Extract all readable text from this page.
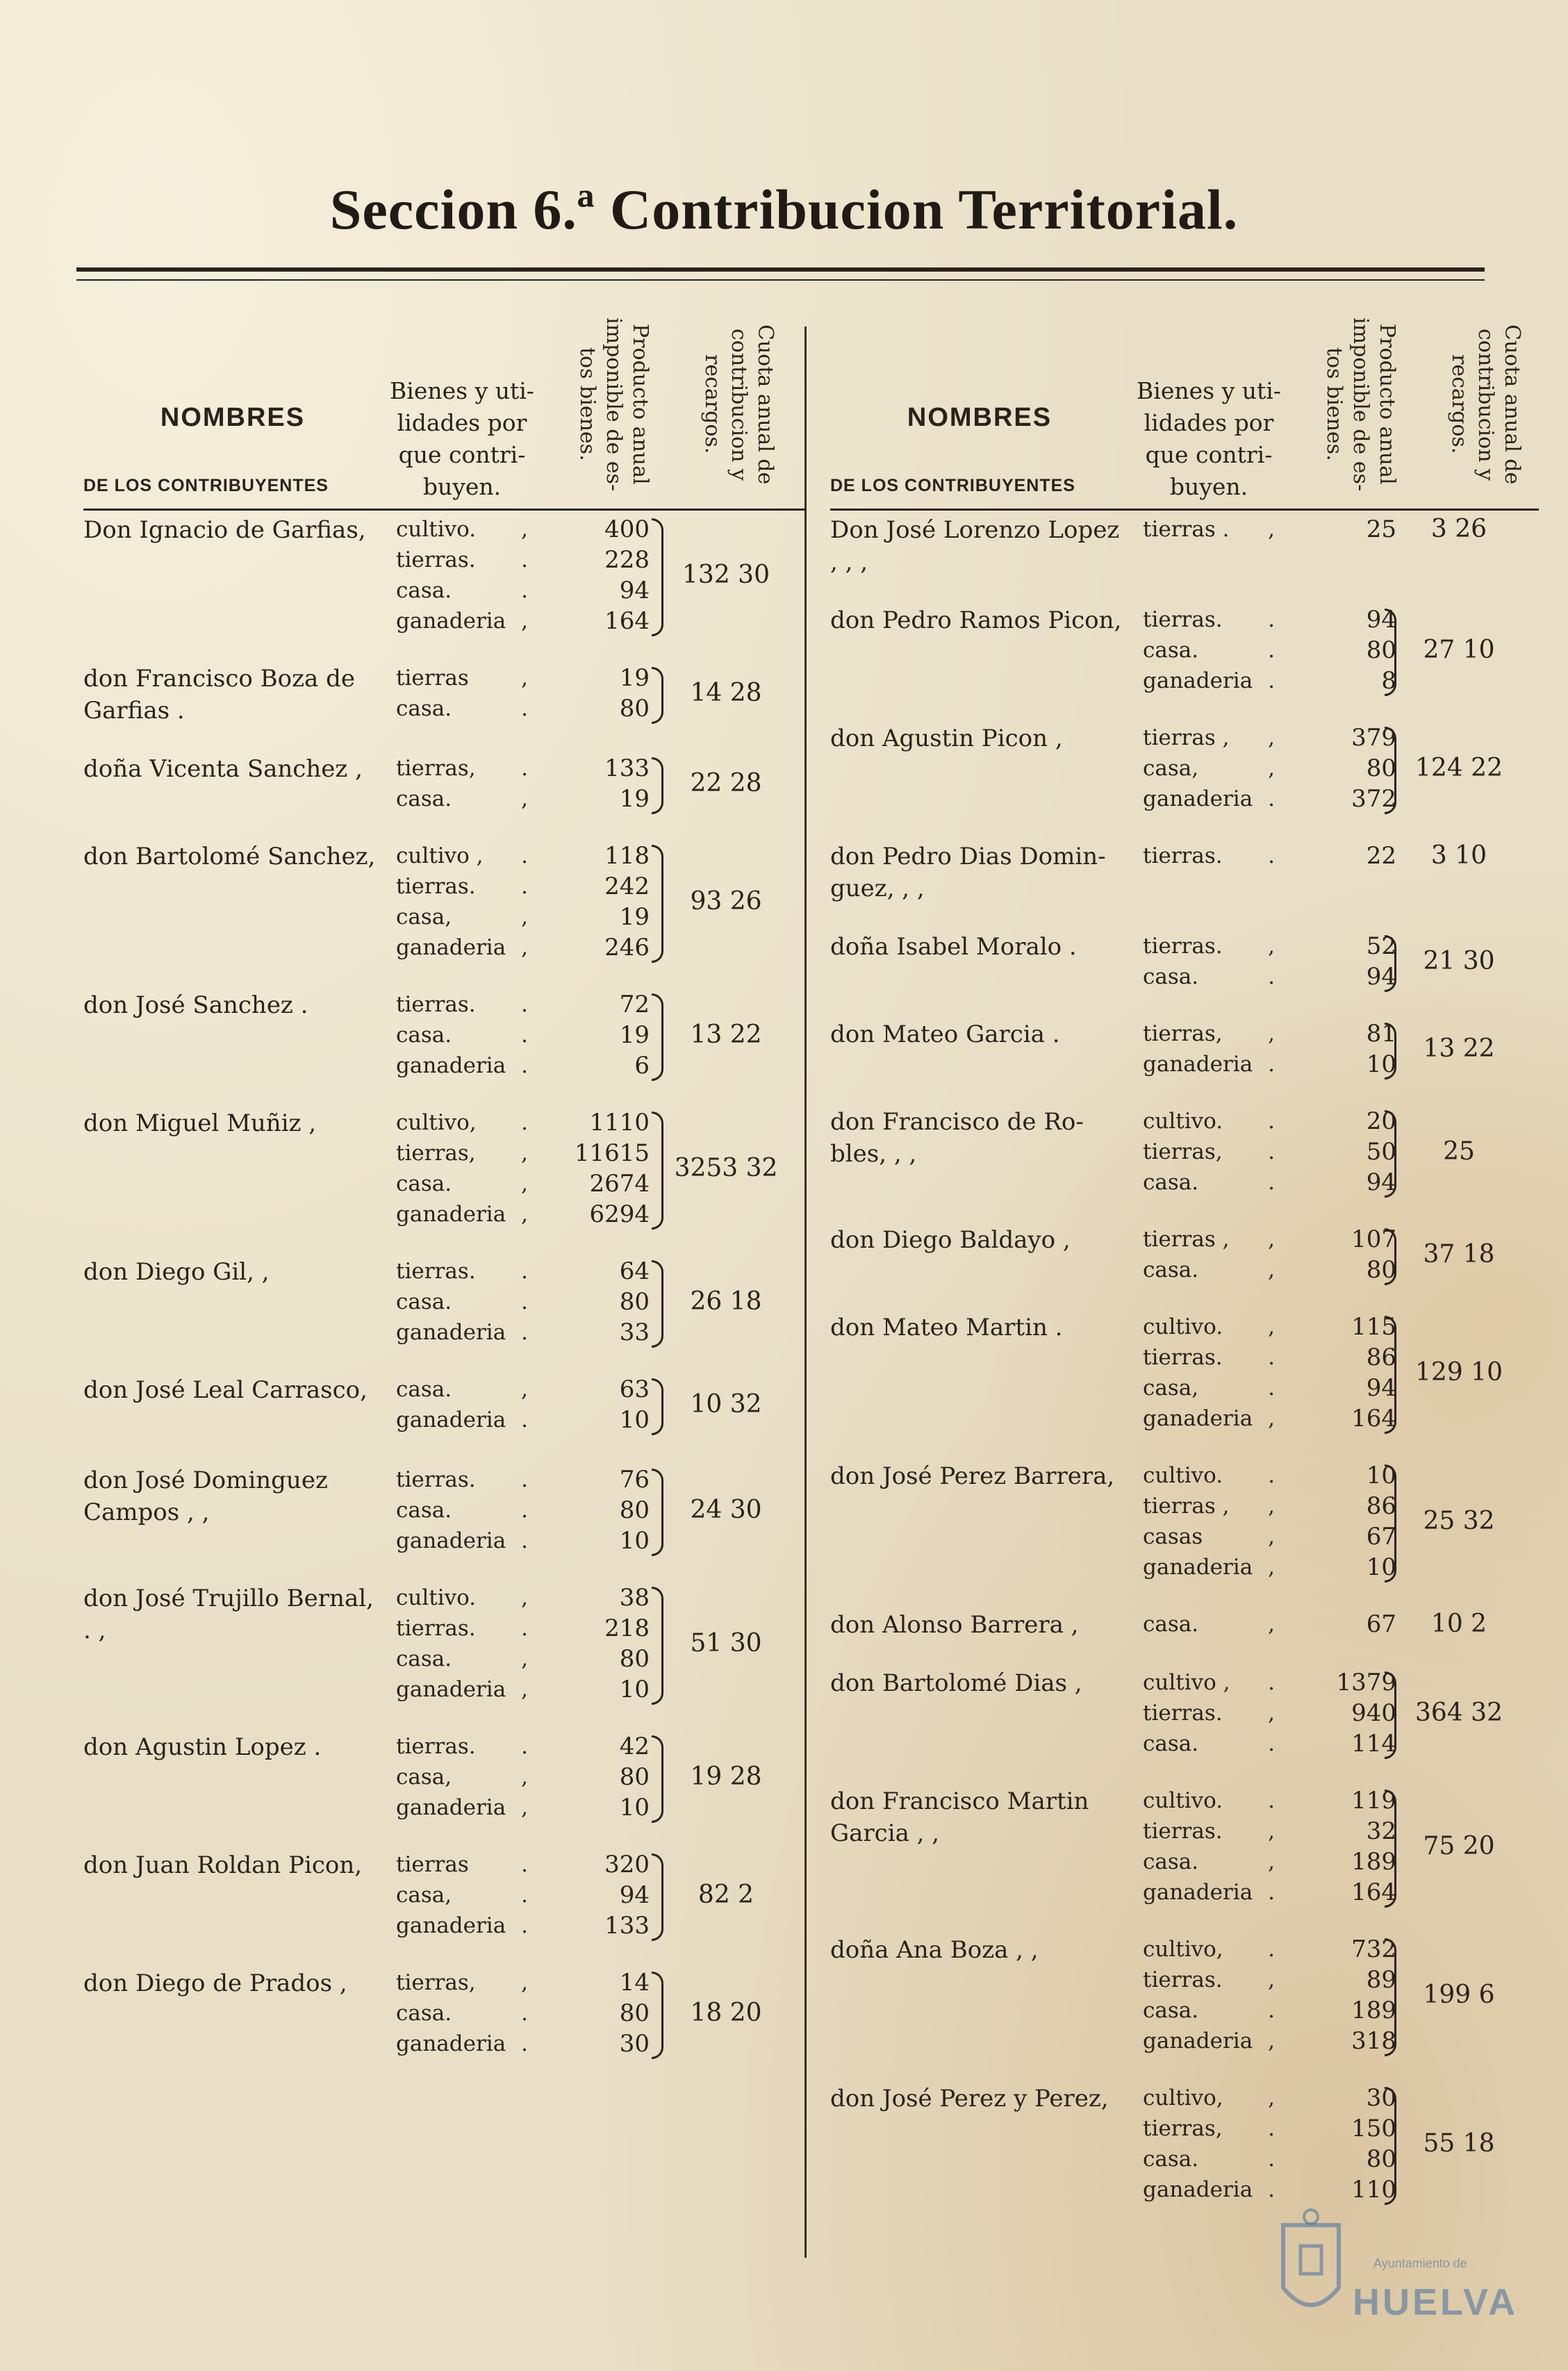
Seccion 6.ª Contribucion Territorial.
NOMBRES
DE LOS CONTRIBUYENTES
Bienes y utilidades por que contribuyen.
Producto anual imponible de estos bienes.	Cuota anual de contribucion y recargos.
Don Ignacio de Garfias,	cultivo.	,	400
tierras.	.	228
casa.	.	94
ganaderia ,	164
132 30
don Francisco Boza de Garfias .
tierras	,	19
casa.	.	80
14 28
doña Vicenta Sanchez ,	tierras,	.	133
casa.	,	19
22 28
don Bartolomé Sanchez, cultivo ,	.	118
tierras.	.	242
casa,	,	19
ganaderia ,	246
93 26
don José Sanchez .	tierras.	.	72
casa.	.	19
ganaderia .	6
13 22
don Miguel Muñiz ,	cultivo,	.	1110
tierras,	,	11615
casa.	,	2674
ganaderia ,	6294
3253 32
don Diego Gil, ,	tierras.	.	64
casa.	.	80
ganaderia .	33
26 18
don José Leal Carrasco,	casa.	,	63
ganaderia .	10
10 32
don José Dominguez Campos , ,
tierras.	.	76
casa.	.	80
ganaderia .	10
24 30
don José Trujillo Bernal, . ,
cultivo.	,	38
tierras.	.	218
casa.	,	80
ganaderia ,	10
51 30
don Agustin Lopez .	tierras.	.	42
casa,	,	80
ganaderia ,	10
19 28
don Juan Roldan Picon,	tierras	.	320
casa,	.	94
ganaderia .	133
82 2
don Diego de Prados ,	tierras,	,	14
casa.	.	80
ganaderia .	30
18 20
NOMBRES
DE LOS CONTRIBUYENTES
Bienes y utilidades por que contribuyen.
Producto anual imponible de estos bienes.	Cuota anual de contribucion y recargos.
Don José Lorenzo Lopez , , ,
tierras .	,	25	3 26
don Pedro Ramos Picon, tierras.	.	94
casa.	.	80
ganaderia .	8
27 10
don Agustin Picon ,	tierras ,	,	379
casa,	,	80
ganaderia .	372
124 22
don Pedro Dias Dominguez, , ,
tierras.	.	22	3 10
doña Isabel Moralo .	tierras.	,	52
casa.	.	94
21 30
don Mateo Garcia .	tierras,	,	81
ganaderia .	10
13 22
don Francisco de Robles, , ,
cultivo.	.	20
tierras,	.	50
casa.	.	94
25
don Diego Baldayo ,	tierras ,	,	107
casa.	,	80
37 18
don Mateo Martin .	cultivo.	,	115
tierras.	.	86
casa,	.	94
ganaderia ,	164
129 10
don José Perez Barrera,	cultivo.	.	10
tierras ,	,	86
casas	,	67
ganaderia ,	10
25 32
don Alonso Barrera ,	casa.	,	67	10 2
don Bartolomé Dias ,	cultivo ,	.	1379
tierras.	,	940
casa.	.	114
364 32
don Francisco Martin Garcia , ,
cultivo.	.	119
tierras.	,	32
casa.	,	189
ganaderia .	164
75 20
doña Ana Boza , ,	cultivo,	.	732
tierras.	,	89
casa.	.	189
ganaderia ,	318
199 6
don José Perez y Perez,	cultivo,	,	30
tierras,	.	150
casa.	.	80
ganaderia .	110
55 18
Ayuntamiento de
HUELVA
